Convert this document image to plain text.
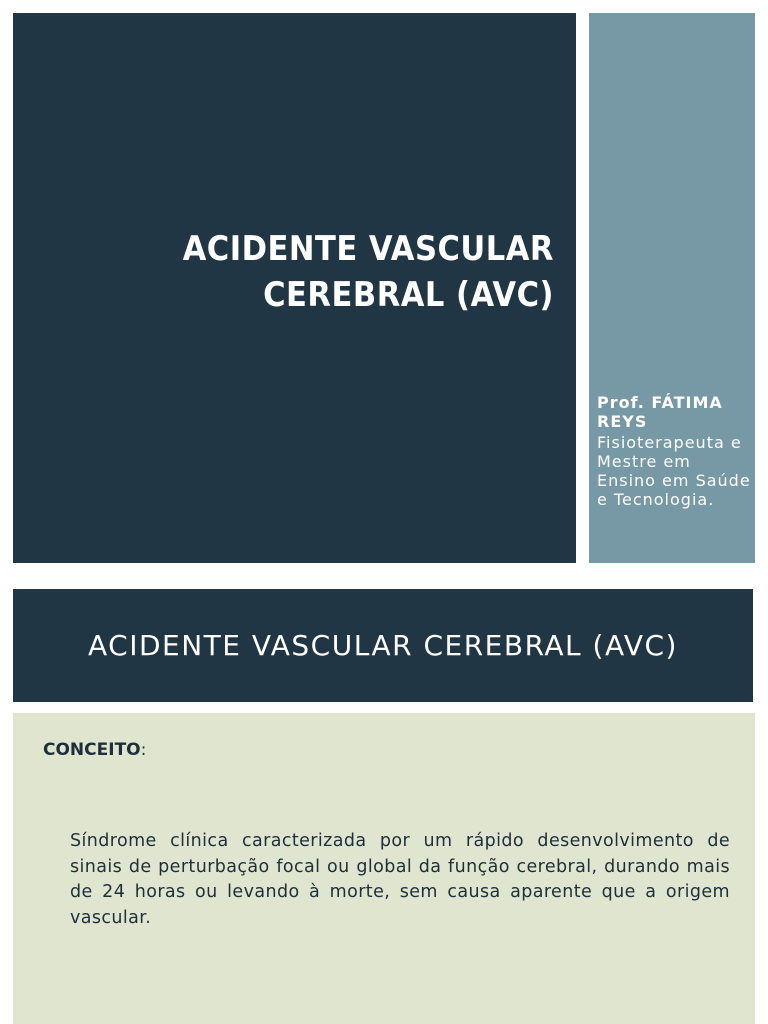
ACIDENTE VASCULAR
CEREBRAL (AVC)
Prof. FÁTIMA REYS
Fisioterapeuta e Mestre em Ensino em Saúde e Tecnologia.
ACIDENTE VASCULAR CEREBRAL (AVC)
CONCEITO:
Síndrome clínica caracterizada por um rápido desenvolvimento de sinais de perturbação focal ou global da função cerebral, durando mais de 24 horas ou levando à morte, sem causa aparente que a origem vascular.
